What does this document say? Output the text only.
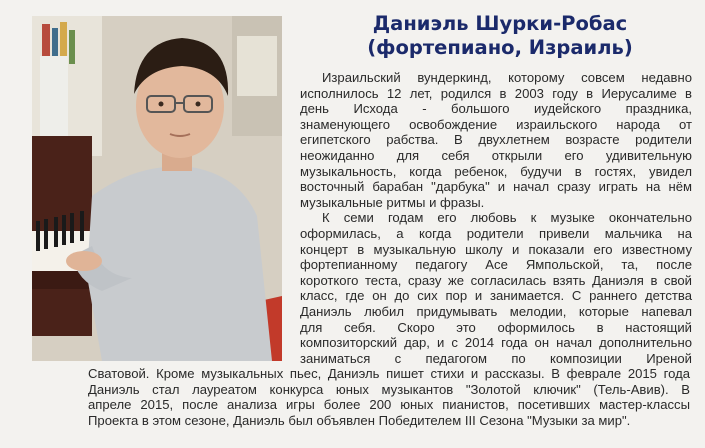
Даниэль Шурки-Робас
(фортепиано, Израиль)
Израильский вундеркинд, которому совсем недавно
исполнилось 12 лет, родился в 2003 году в Иерусалиме в
день Исхода - большого иудейского праздника,
знаменующего освобождение израильского народа от
египетского рабства. В двухлетнем возрасте родители
неожиданно для себя открыли его удивительную
музыкальность, когда ребенок, будучи в гостях, увидел
восточный барабан "дарбука" и начал сразу играть на нём
музыкальные ритмы и фразы.
К семи годам его любовь к музыке окончательно
оформилась, а когда родители привели мальчика на
концерт в музыкальную школу и показали его известному
фортепианному педагогу Асе Ямпольской, та, после
короткого теста, сразу же согласилась взять Даниэля в свой
класс, где он до сих пор и занимается. С раннего детства
Даниэль любил придумывать мелодии, которые напевал
для себя. Скоро это оформилось в настоящий
композиторский дар, и с 2014 года он начал дополнительно
заниматься с педагогом по композиции Иреной
Сватовой. Кроме музыкальных пьес, Даниэль пишет стихи и рассказы. В феврале 2015 года
Даниэль стал лауреатом конкурса юных музыкантов "Золотой ключик" (Тель-Авив). В
апреле 2015, после анализа игры более 200 юных пианистов, посетивших мастер-классы
Проекта в этом сезоне, Даниэль был объявлен Победителем III Сезона "Музыки за мир".
